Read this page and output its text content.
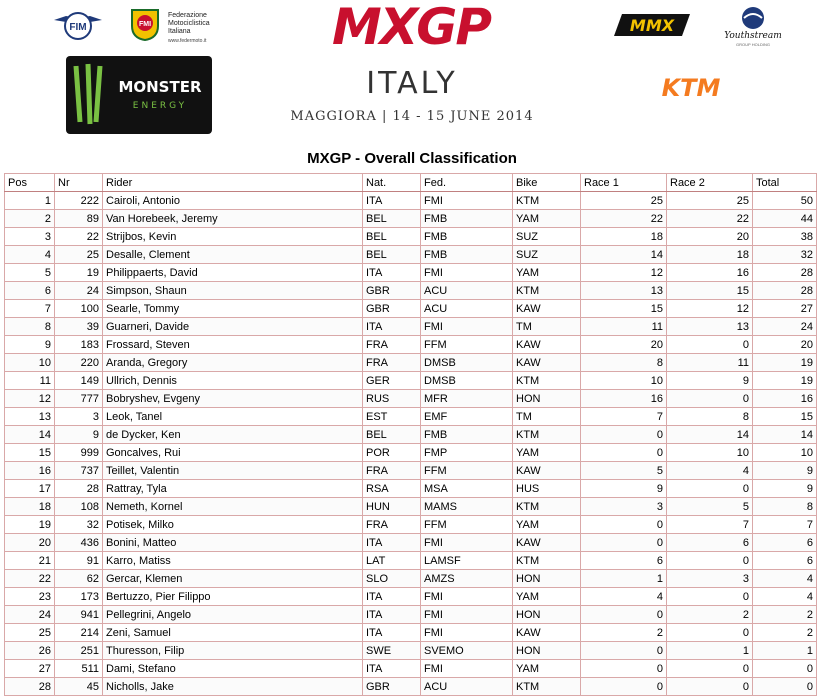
FIM	FMI
Federazione
Motociclistica
Italiana
www.federmoto.it	MXGP
ITALY
MAGGIORA | 14 - 15 JUNE 2014
MONSTER
ENERGY
MMX
Youthstream
GROUP HOLDING
KTM
MXGP - Overall Classification
Pos	Nr	Rider	Nat.	Fed.	Bike	Race 1	Race 2	Total
1	222	Cairoli, Antonio	ITA	FMI	KTM	25	25	50
2	89	Van Horebeek, Jeremy	BEL	FMB	YAM	22	22	44
3	22	Strijbos, Kevin	BEL	FMB	SUZ	18	20	38
4	25	Desalle, Clement	BEL	FMB	SUZ	14	18	32
5	19	Philippaerts, David	ITA	FMI	YAM	12	16	28
6	24	Simpson, Shaun	GBR	ACU	KTM	13	15	28
7	100	Searle, Tommy	GBR	ACU	KAW	15	12	27
8	39	Guarneri, Davide	ITA	FMI	TM	11	13	24
9	183	Frossard, Steven	FRA	FFM	KAW	20	0	20
10	220	Aranda, Gregory	FRA	DMSB	KAW	8	11	19
11	149	Ullrich, Dennis	GER	DMSB	KTM	10	9	19
12	777	Bobryshev, Evgeny	RUS	MFR	HON	16	0	16
13	3	Leok, Tanel	EST	EMF	TM	7	8	15
14	9	de Dycker, Ken	BEL	FMB	KTM	0	14	14
15	999	Goncalves, Rui	POR	FMP	YAM	0	10	10
16	737	Teillet, Valentin	FRA	FFM	KAW	5	4	9
17	28	Rattray, Tyla	RSA	MSA	HUS	9	0	9
18	108	Nemeth, Kornel	HUN	MAMS	KTM	3	5	8
19	32	Potisek, Milko	FRA	FFM	YAM	0	7	7
20	436	Bonini, Matteo	ITA	FMI	KAW	0	6	6
21	91	Karro, Matiss	LAT	LAMSF	KTM	6	0	6
22	62	Gercar, Klemen	SLO	AMZS	HON	1	3	4
23	173	Bertuzzo, Pier Filippo	ITA	FMI	YAM	4	0	4
24	941	Pellegrini, Angelo	ITA	FMI	HON	0	2	2
25	214	Zeni, Samuel	ITA	FMI	KAW	2	0	2
26	251	Thuresson, Filip	SWE	SVEMO	HON	0	1	1
27	511	Dami, Stefano	ITA	FMI	YAM	0	0	0
28	45	Nicholls, Jake	GBR	ACU	KTM	0	0	0
